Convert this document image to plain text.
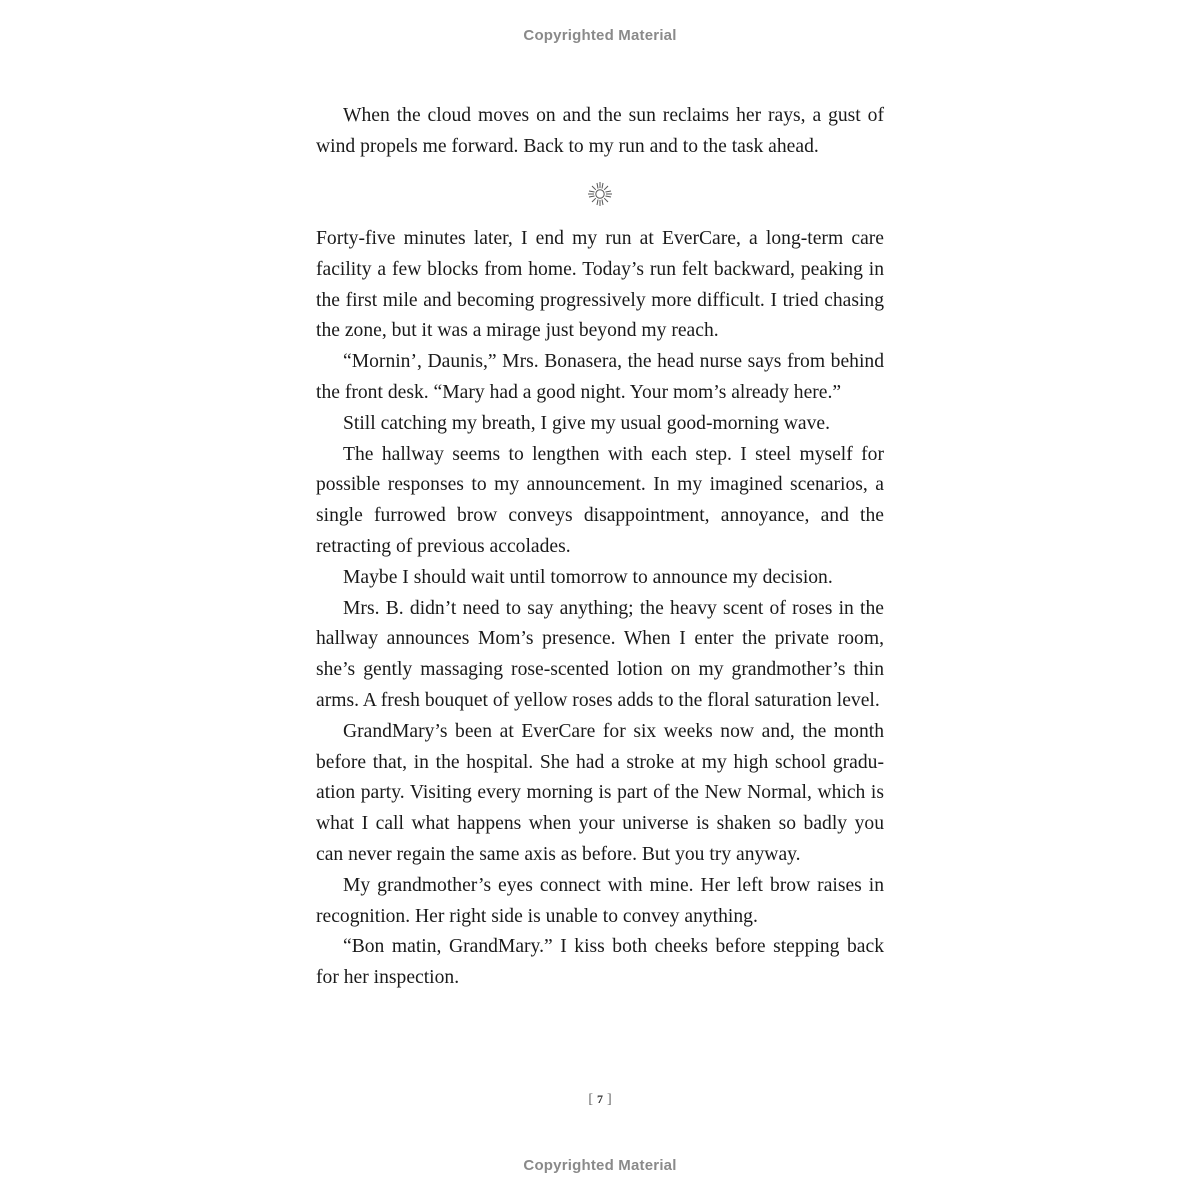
Copyrighted Material

When the cloud moves on and the sun reclaims her rays, a gust of wind propels me forward. Back to my run and to the task ahead.

Forty-five minutes later, I end my run at EverCare, a long-term care facility a few blocks from home. Today’s run felt backward, peaking in the first mile and becoming progressively more difficult. I tried chasing the zone, but it was a mirage just beyond my reach.

“Mornin’, Daunis,” Mrs. Bonasera, the head nurse says from behind the front desk. “Mary had a good night. Your mom’s already here.”

Still catching my breath, I give my usual good-morning wave.

The hallway seems to lengthen with each step. I steel myself for possible responses to my announcement. In my imagined scenarios, a single furrowed brow conveys disappointment, annoyance, and the retracting of previous accolades.

Maybe I should wait until tomorrow to announce my decision.

Mrs. B. didn’t need to say anything; the heavy scent of roses in the hallway announces Mom’s presence. When I enter the private room, she’s gently massaging rose-scented lotion on my grandmother’s thin arms. A fresh bouquet of yellow roses adds to the floral saturation level.

GrandMary’s been at EverCare for six weeks now and, the month before that, in the hospital. She had a stroke at my high school graduation party. Visiting every morning is part of the New Normal, which is what I call what happens when your universe is shaken so badly you can never regain the same axis as before. But you try anyway.

My grandmother’s eyes connect with mine. Her left brow raises in recognition. Her right side is unable to convey anything.

“Bon matin, GrandMary.” I kiss both cheeks before stepping back for her inspection.

[ 7 ]
Copyrighted Material
